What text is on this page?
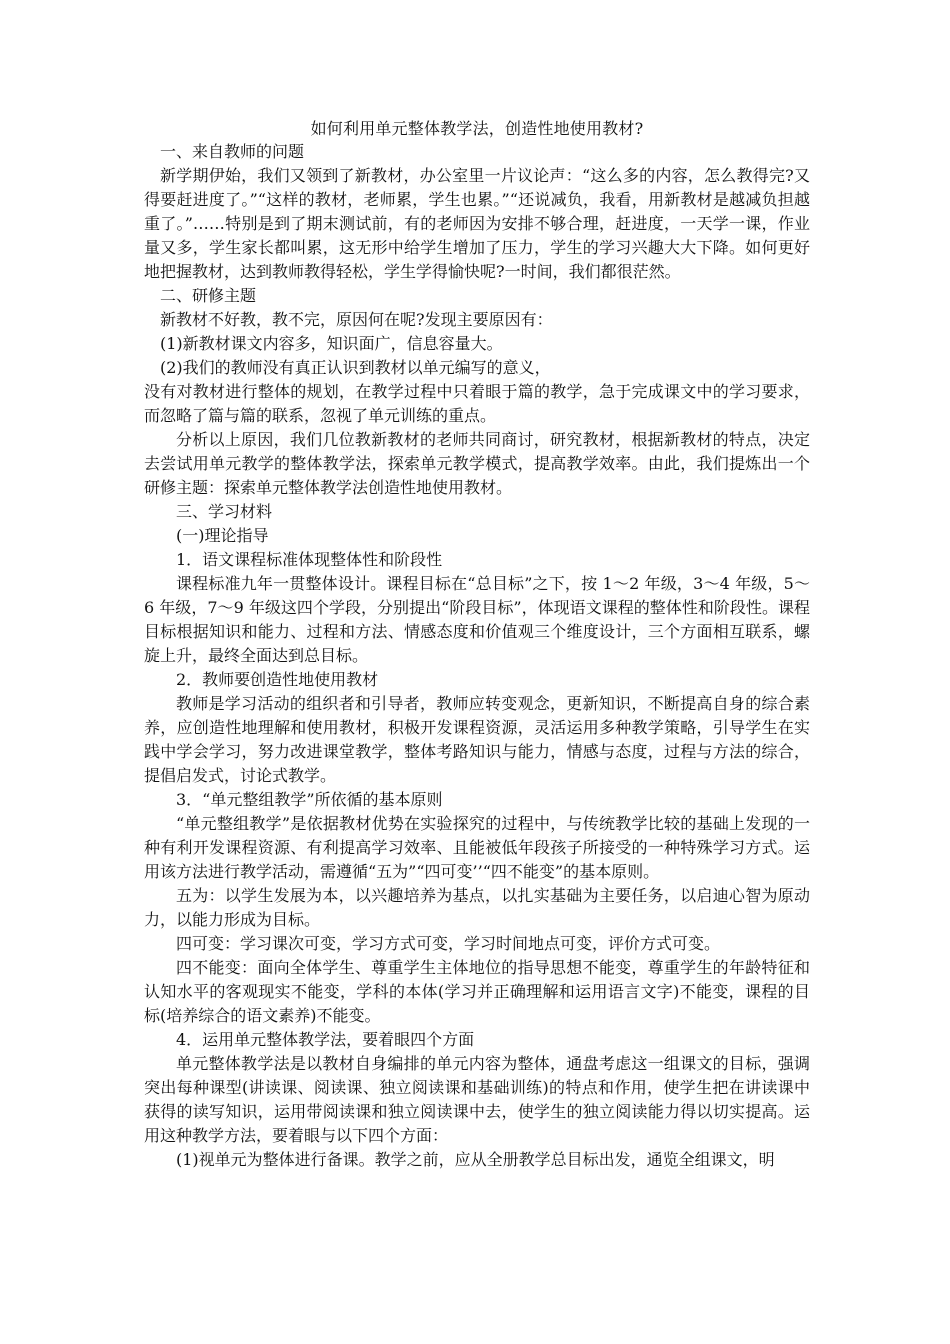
如何利用单元整体教学法，创造性地使用教材?

一、来自教师的问题

新学期伊始，我们又领到了新教材，办公室里一片议论声：“这么多的内容，怎么教得完?又得要赶进度了。”“这样的教材，老师累，学生也累。”“还说减负，我看，用新教材是越减负担越重了。”……特别是到了期末测试前，有的老师因为安排不够合理，赶进度，一天学一课，作业量又多，学生家长都叫累，这无形中给学生增加了压力，学生的学习兴趣大大下降。如何更好地把握教材，达到教师教得轻松，学生学得愉快呢?一时间，我们都很茫然。

二、研修主题

新教材不好教，教不完，原因何在呢?发现主要原因有：

(1)新教材课文内容多，知识面广，信息容量大。

(2)我们的教师没有真正认识到教材以单元编写的意义，

没有对教材进行整体的规划，在教学过程中只着眼于篇的教学，急于完成课文中的学习要求，而忽略了篇与篇的联系，忽视了单元训练的重点。

分析以上原因，我们几位教新教材的老师共同商讨，研究教材，根据新教材的特点，决定去尝试用单元教学的整体教学法，探索单元教学模式，提高教学效率。由此，我们提炼出一个研修主题：探索单元整体教学法创造性地使用教材。

三、学习材料

(一)理论指导

1．语文课程标准体现整体性和阶段性

课程标准九年一贯整体设计。课程目标在“总目标”之下，按 1～2 年级，3～4 年级，5～6 年级，7～9 年级这四个学段，分别提出“阶段目标”，体现语文课程的整体性和阶段性。课程目标根据知识和能力、过程和方法、情感态度和价值观三个维度设计，三个方面相互联系，螺旋上升，最终全面达到总目标。

2．教师要创造性地使用教材

教师是学习活动的组织者和引导者，教师应转变观念，更新知识，不断提高自身的综合素养，应创造性地理解和使用教材，积极开发课程资源，灵活运用多种教学策略，引导学生在实践中学会学习，努力改进课堂教学，整体考路知识与能力，情感与态度，过程与方法的综合，提倡启发式，讨论式教学。

3．“单元整组教学”所依循的基本原则

“单元整组教学”是依据教材优势在实验探究的过程中，与传统教学比较的基础上发现的一种有利开发课程资源、有利提高学习效率、且能被低年段孩子所接受的一种特殊学习方式。运用该方法进行教学活动，需遵循“五为”“四可变’’“四不能变”的基本原则。

五为：以学生发展为本，以兴趣培养为基点，以扎实基础为主要任务，以启迪心智为原动力，以能力形成为目标。

四可变：学习课次可变，学习方式可变，学习时间地点可变，评价方式可变。

四不能变：面向全体学生、尊重学生主体地位的指导思想不能变，尊重学生的年龄特征和认知水平的客观现实不能变，学科的本体(学习并正确理解和运用语言文字)不能变，课程的目标(培养综合的语文素养)不能变。

4．运用单元整体教学法，要着眼四个方面

单元整体教学法是以教材自身编排的单元内容为整体，通盘考虑这一组课文的目标，强调突出每种课型(讲读课、阅读课、独立阅读课和基础训练)的特点和作用，使学生把在讲读课中获得的读写知识，运用带阅读课和独立阅读课中去，使学生的独立阅读能力得以切实提高。运用这种教学方法，要着眼与以下四个方面：

(1)视单元为整体进行备课。教学之前，应从全册教学总目标出发，通览全组课文，明
